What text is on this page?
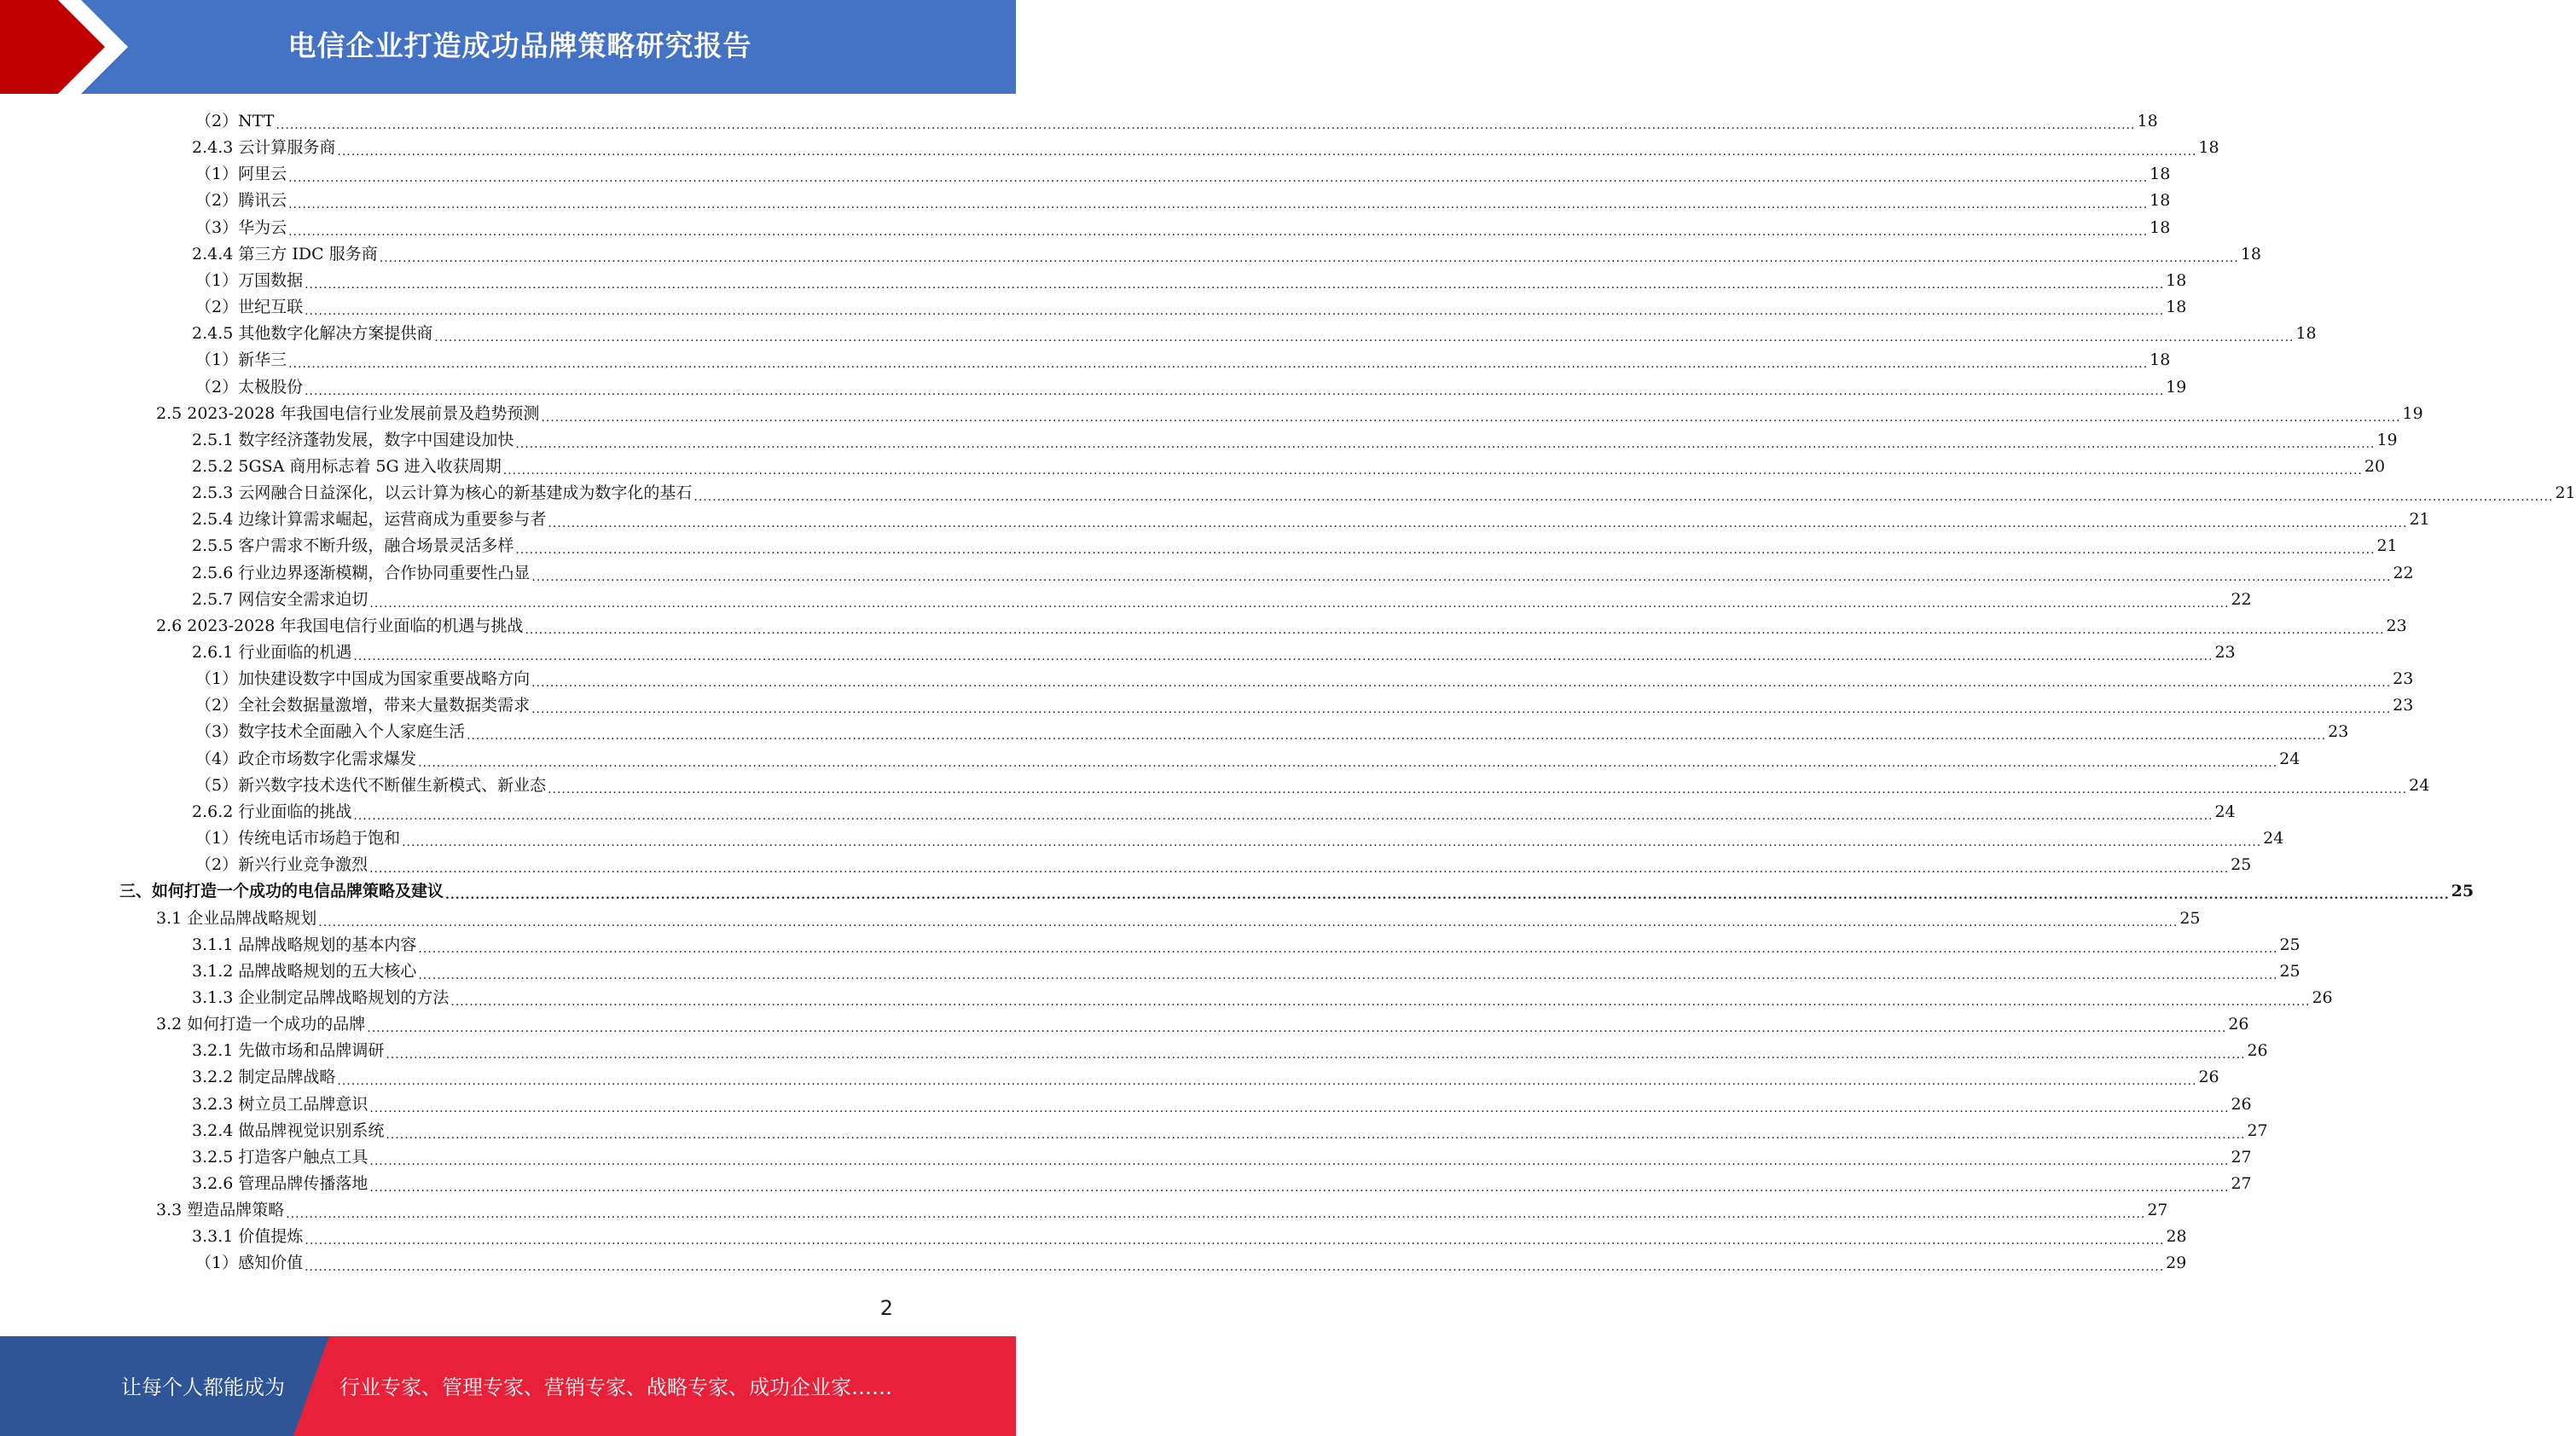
电信企业打造成功品牌策略研究报告
（2）NTT ................................................................................................................................................................................................................................................................................................................................................................................................................ 18
2.4.3 云计算服务商 ................................................................................................................................................................................................................................................................................................................................................................................................................ 18
（1）阿里云 ................................................................................................................................................................................................................................................................................................................................................................................................................ 18
（2）腾讯云 ................................................................................................................................................................................................................................................................................................................................................................................................................ 18
（3）华为云 ................................................................................................................................................................................................................................................................................................................................................................................................................ 18
2.4.4 第三方 IDC 服务商 ................................................................................................................................................................................................................................................................................................................................................................................................................ 18
（1）万国数据 ................................................................................................................................................................................................................................................................................................................................................................................................................ 18
（2）世纪互联 ................................................................................................................................................................................................................................................................................................................................................................................................................ 18
2.4.5 其他数字化解决方案提供商 ................................................................................................................................................................................................................................................................................................................................................................................................................ 18
（1）新华三 ................................................................................................................................................................................................................................................................................................................................................................................................................ 18
（2）太极股份 ................................................................................................................................................................................................................................................................................................................................................................................................................ 19
2.5 2023-2028 年我国电信行业发展前景及趋势预测 ................................................................................................................................................................................................................................................................................................................................................................................................................ 19
2.5.1 数字经济蓬勃发展，数字中国建设加快 ................................................................................................................................................................................................................................................................................................................................................................................................................ 19
2.5.2 5GSA 商用标志着 5G 进入收获周期 ................................................................................................................................................................................................................................................................................................................................................................................................................ 20
2.5.3 云网融合日益深化，以云计算为核心的新基建成为数字化的基石 ................................................................................................................................................................................................................................................................................................................................................................................................................ 21
2.5.4 边缘计算需求崛起，运营商成为重要参与者 ................................................................................................................................................................................................................................................................................................................................................................................................................ 21
2.5.5 客户需求不断升级，融合场景灵活多样 ................................................................................................................................................................................................................................................................................................................................................................................................................ 21
2.5.6 行业边界逐渐模糊，合作协同重要性凸显 ................................................................................................................................................................................................................................................................................................................................................................................................................ 22
2.5.7 网信安全需求迫切 ................................................................................................................................................................................................................................................................................................................................................................................................................ 22
2.6 2023-2028 年我国电信行业面临的机遇与挑战 ................................................................................................................................................................................................................................................................................................................................................................................................................ 23
2.6.1 行业面临的机遇 ................................................................................................................................................................................................................................................................................................................................................................................................................ 23
（1）加快建设数字中国成为国家重要战略方向 ................................................................................................................................................................................................................................................................................................................................................................................................................ 23
（2）全社会数据量激增，带来大量数据类需求 ................................................................................................................................................................................................................................................................................................................................................................................................................ 23
（3）数字技术全面融入个人家庭生活 ................................................................................................................................................................................................................................................................................................................................................................................................................ 23
（4）政企市场数字化需求爆发 ................................................................................................................................................................................................................................................................................................................................................................................................................ 24
（5）新兴数字技术迭代不断催生新模式、新业态 ................................................................................................................................................................................................................................................................................................................................................................................................................ 24
2.6.2 行业面临的挑战 ................................................................................................................................................................................................................................................................................................................................................................................................................ 24
（1）传统电话市场趋于饱和 ................................................................................................................................................................................................................................................................................................................................................................................................................ 24
（2）新兴行业竞争激烈 ................................................................................................................................................................................................................................................................................................................................................................................................................ 25
三、如何打造一个成功的电信品牌策略及建议 ................................................................................................................................................................................................................................................................................................................................................................................................................ 25
3.1 企业品牌战略规划 ................................................................................................................................................................................................................................................................................................................................................................................................................ 25
3.1.1 品牌战略规划的基本内容 ................................................................................................................................................................................................................................................................................................................................................................................................................ 25
3.1.2 品牌战略规划的五大核心 ................................................................................................................................................................................................................................................................................................................................................................................................................ 25
3.1.3 企业制定品牌战略规划的方法 ................................................................................................................................................................................................................................................................................................................................................................................................................ 26
3.2 如何打造一个成功的品牌 ................................................................................................................................................................................................................................................................................................................................................................................................................ 26
3.2.1 先做市场和品牌调研 ................................................................................................................................................................................................................................................................................................................................................................................................................ 26
3.2.2 制定品牌战略 ................................................................................................................................................................................................................................................................................................................................................................................................................ 26
3.2.3 树立员工品牌意识 ................................................................................................................................................................................................................................................................................................................................................................................................................ 26
3.2.4 做品牌视觉识别系统 ................................................................................................................................................................................................................................................................................................................................................................................................................ 27
3.2.5 打造客户触点工具 ................................................................................................................................................................................................................................................................................................................................................................................................................ 27
3.2.6 管理品牌传播落地 ................................................................................................................................................................................................................................................................................................................................................................................................................ 27
3.3 塑造品牌策略 ................................................................................................................................................................................................................................................................................................................................................................................................................ 27
3.3.1 价值提炼 ................................................................................................................................................................................................................................................................................................................................................................................................................ 28
（1）感知价值 ................................................................................................................................................................................................................................................................................................................................................................................................................ 29
2
让每个人都能成为	行业专家、管理专家、营销专家、战略专家、成功企业家……
